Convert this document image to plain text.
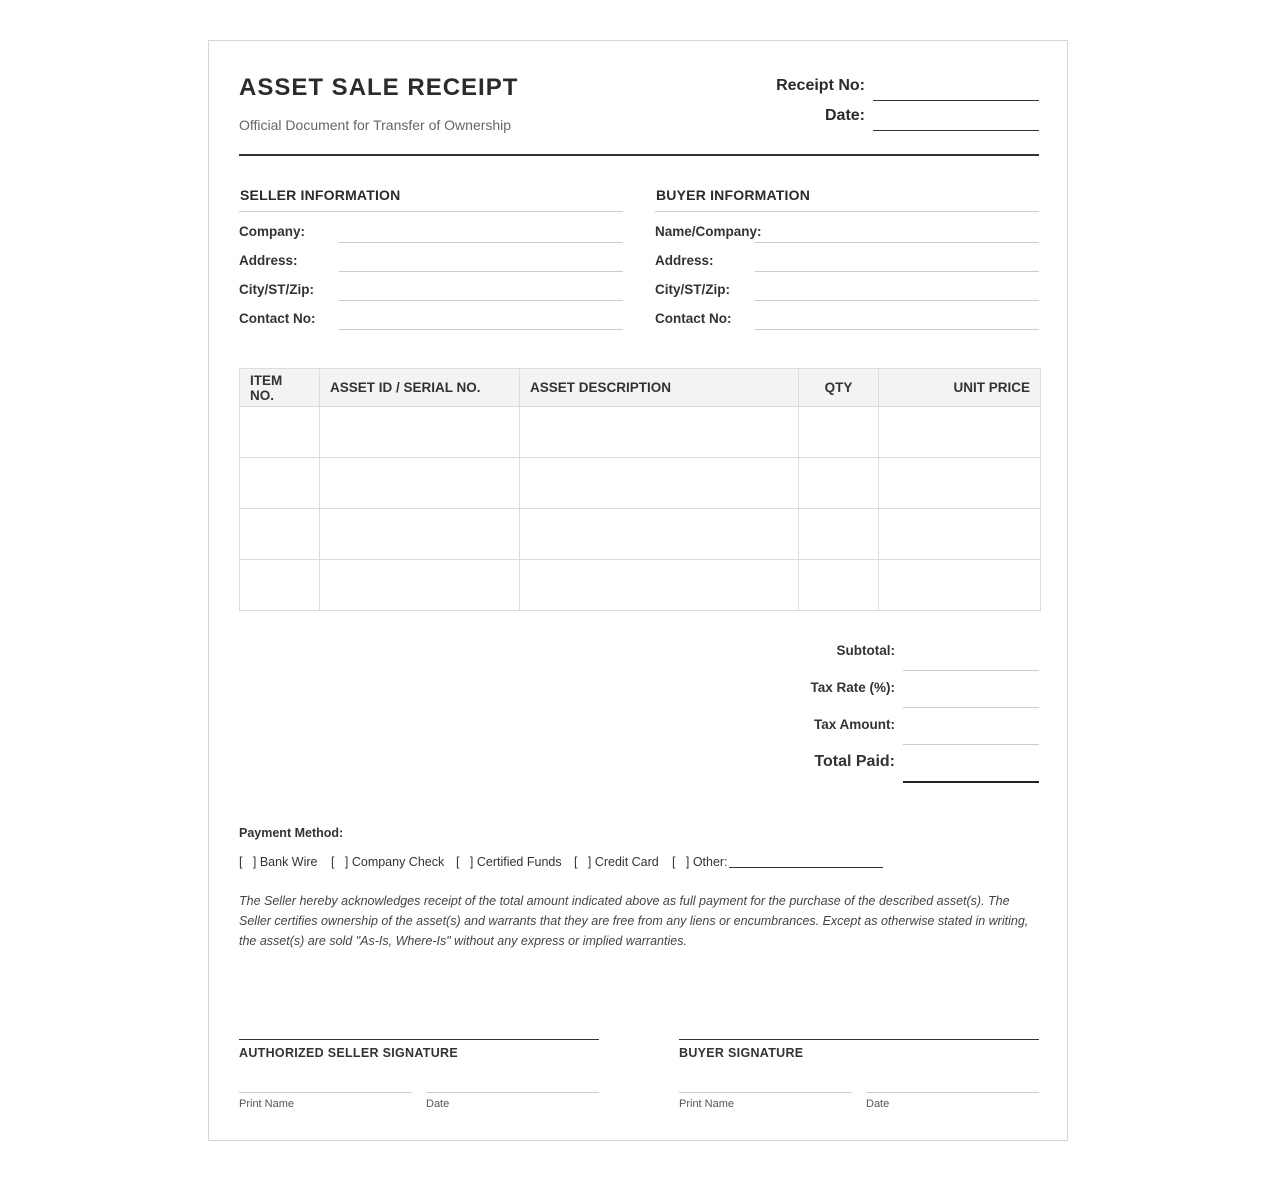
ASSET SALE RECEIPT
Official Document for Transfer of Ownership
Receipt No:
Date:
SELLER INFORMATION
Company:
Address:
City/ST/Zip:
Contact No:
BUYER INFORMATION
Name/Company:
Address:
City/ST/Zip:
Contact No:
ITEM NO.	ASSET ID / SERIAL NO.	ASSET DESCRIPTION	QTY	UNIT PRICE

Subtotal:
Tax Rate (%):
Tax Amount:
Total Paid:
Payment Method:
[   ] Bank Wire [   ] Company Check [   ] Certified Funds [   ] Credit Card [   ] Other:
The Seller hereby acknowledges receipt of the total amount indicated above as full payment for the purchase of the described asset(s). The Seller certifies ownership of the asset(s) and warrants that they are free from any liens or encumbrances. Except as otherwise stated in writing, the asset(s) are sold "As-Is, Where-Is" without any express or implied warranties.
AUTHORIZED SELLER SIGNATURE
Print Name	Date
BUYER SIGNATURE
Print Name	Date
